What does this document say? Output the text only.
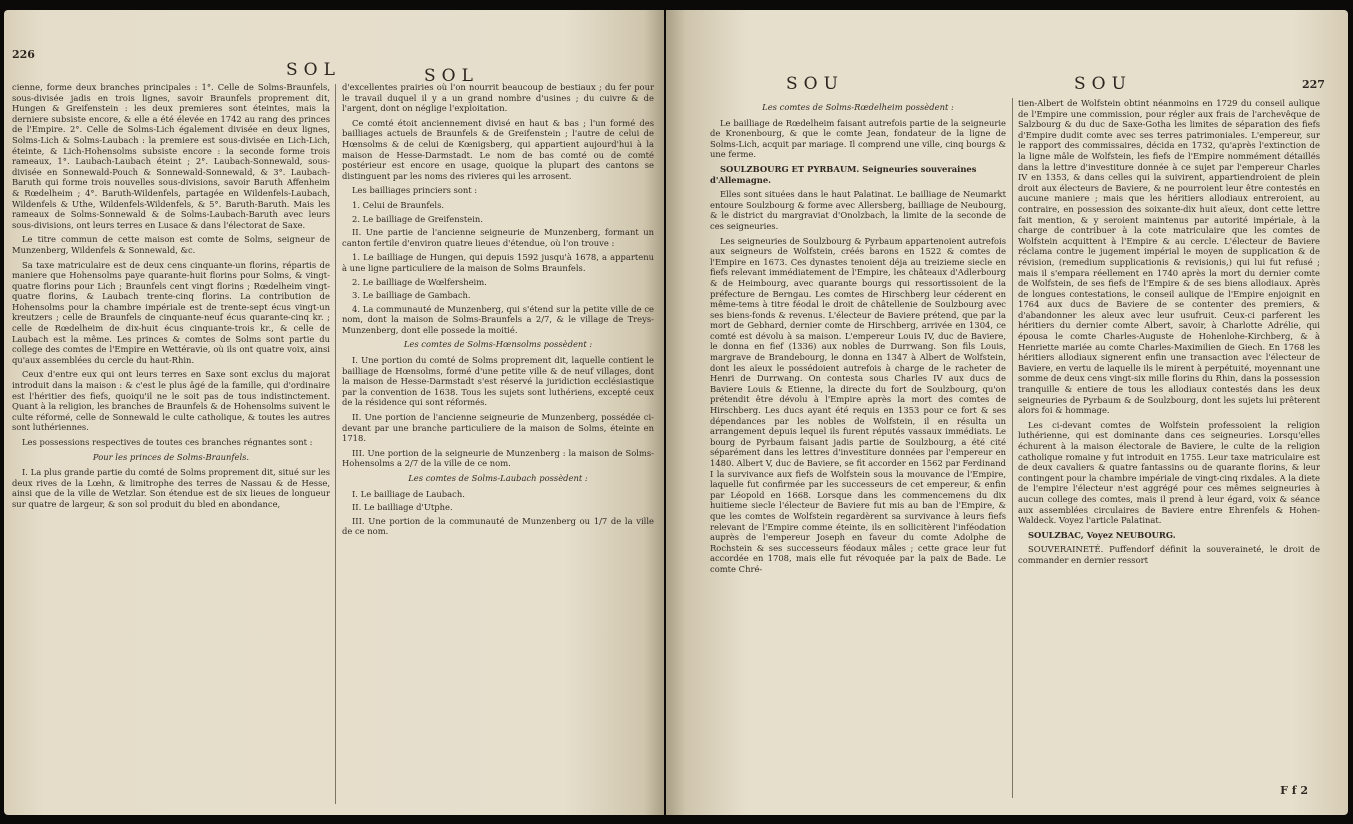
226
SOL	SOL

cienne, forme deux branches principales : 1°. Celle de Solms-Braunfels, sous-divisée jadis en trois lignes, savoir Braunfels proprement dit, Hungen & Greifenstein : les deux premieres sont éteintes, mais la derniere subsiste encore, & elle a été élevée en 1742 au rang des princes de l'Empire. 2°. Celle de Solms-Lich également divisée en deux lignes, Solms-Lich & Solms-Laubach : la premiere est sous-divisée en Lich-Lich, éteinte, & Lich-Hohensolms subsiste encore : la seconde forme trois rameaux, 1°. Laubach-Laubach éteint ; 2°. Laubach-Sonnewald, sous-divisée en Sonnewald-Pouch & Sonnewald-Sonnewald, & 3°. Laubach-Baruth qui forme trois nouvelles sous-divisions, savoir Baruth Affenheim & Rœdelheim ; 4°. Baruth-Wildenfels, partagée en Wildenfels-Laubach, Wildenfels & Uthe, Wildenfels-Wildenfels, & 5°. Baruth-Baruth. Mais les rameaux de Solms-Sonnewald & de Solms-Laubach-Baruth avec leurs sous-divisions, ont leurs terres en Lusace & dans l'électorat de Saxe.

Le titre commun de cette maison est comte de Solms, seigneur de Munzenberg, Wildenfels & Sonnewald, &c.

Sa taxe matriculaire est de deux cens cinquante-un florins, répartis de maniere que Hohensolms paye quarante-huit florins pour Solms, & vingt-quatre florins pour Lich ; Braunfels cent vingt florins ; Rœdelheim vingt-quatre florins, & Laubach trente-cinq florins. La contribution de Hohensolms pour la chambre impériale est de trente-sept écus vingt-un kreutzers ; celle de Braunfels de cinquante-neuf écus quarante-cinq kr. ; celle de Rœdelheim de dix-huit écus cinquante-trois kr., & celle de Laubach est la même. Les princes & comtes de Solms sont partie du college des comtes de l'Empire en Wettéravie, où ils ont quatre voix, ainsi qu'aux assemblées du cercle du haut-Rhin.

Ceux d'entre eux qui ont leurs terres en Saxe sont exclus du majorat introduit dans la maison : & c'est le plus âgé de la famille, qui d'ordinaire est l'héritier des fiefs, quoiqu'il ne le soit pas de tous indistinctement. Quant à la religion, les branches de Braunfels & de Hohensolms suivent le culte réformé, celle de Sonnewald le culte catholique, & toutes les autres sont luthériennes.

Les possessions respectives de toutes ces branches régnantes sont :

Pour les princes de Solms-Braunfels.

I. La plus grande partie du comté de Solms proprement dit, situé sur les deux rives de la Lœhn, & limitrophe des terres de Nassau & de Hesse, ainsi que de la ville de Wetzlar. Son étendue est de six lieues de longueur sur quatre de largeur, & son sol produit du bled en abondance,

d'excellentes prairies où l'on nourrit beaucoup de bestiaux ; du fer pour le travail duquel il y a un grand nombre d'usines ; du cuivre & de l'argent, dont on néglige l'exploitation.

Ce comté étoit anciennement divisé en haut & bas ; l'un formé des bailliages actuels de Braunfels & de Greifenstein ; l'autre de celui de Hœnsolms & de celui de Kœnigsberg, qui appartient aujourd'hui à la maison de Hesse-Darmstadt. Le nom de bas comté ou de comté postérieur est encore en usage, quoique la plupart des cantons se distinguent par les noms des rivieres qui les arrosent.

Les bailliages princiers sont :

1. Celui de Braunfels.

2. Le bailliage de Greifenstein.

II. Une partie de l'ancienne seigneurie de Munzenberg, formant un canton fertile d'environ quatre lieues d'étendue, où l'on trouve :

1. Le bailliage de Hungen, qui depuis 1592 jusqu'à 1678, a appartenu à une ligne particuliere de la maison de Solms Braunfels.

2. Le bailliage de Wœlfersheim.

3. Le bailliage de Gambach.

4. La communauté de Munzenberg, qui s'étend sur la petite ville de ce nom, dont la maison de Solms-Braunfels a 2/7, & le village de Treys-Munzenberg, dont elle possede la moitié.

Les comtes de Solms-Hœnsolms possèdent :

I. Une portion du comté de Solms proprement dit, laquelle contient le bailliage de Hœnsolms, formé d'une petite ville & de neuf villages, dont la maison de Hesse-Darmstadt s'est réservé la juridiction ecclésiastique par la convention de 1638. Tous les sujets sont luthériens, excepté ceux de la résidence qui sont réformés.

II. Une portion de l'ancienne seigneurie de Munzenberg, possédée ci-devant par une branche particuliere de la maison de Solms, éteinte en 1718.

III. Une portion de la seigneurie de Munzenberg : la maison de Solms-Hohensolms a 2/7 de la ville de ce nom.

Les comtes de Solms-Laubach possèdent :

I. Le bailliage de Laubach.

II. Le bailliage d'Utphe.

III. Une portion de la communauté de Munzenberg ou 1/7 de la ville de ce nom.

SOU	SOU	227

Les comtes de Solms-Rœdelheim possèdent :

Le bailliage de Rœdelheim faisant autrefois partie de la seigneurie de Kronenbourg, & que le comte Jean, fondateur de la ligne de Solms-Lich, acquit par mariage. Il comprend une ville, cinq bourgs & une ferme.

SOULZBOURG ET PYRBAUM. Seigneuries souveraines d'Allemagne.

Elles sont situées dans le haut Palatinat. Le bailliage de Neumarkt entoure Soulzbourg & forme avec Allersberg, bailliage de Neubourg, & le district du margraviat d'Onolzbach, la limite de la seconde de ces seigneuries.

Les seigneuries de Soulzbourg & Pyrbaum appartenoient autrefois aux seigneurs de Wolfstein, créés barons en 1522 & comtes de l'Empire en 1673. Ces dynastes tenoient déja au treizieme siecle en fiefs relevant immédiatement de l'Empire, les châteaux d'Adlerbourg & de Heimbourg, avec quarante bourgs qui ressortissoient de la préfecture de Berngau. Les comtes de Hirschberg leur céderent en même-tems à titre féodal le droit de châtellenie de Soulzbourg avec ses biens-fonds & revenus. L'électeur de Baviere prétend, que par la mort de Gebhard, dernier comte de Hirschberg, arrivée en 1304, ce comté est dévolu à sa maison. L'empereur Louis IV, duc de Baviere, le donna en fief (1336) aux nobles de Durrwang. Son fils Louis, margrave de Brandebourg, le donna en 1347 à Albert de Wolfstein, dont les aïeux le possédoient autrefois à charge de le racheter de Henri de Durrwang. On contesta sous Charles IV aux ducs de Baviere Louis & Etienne, la directe du fort de Soulzbourg, qu'on prétendit être dévolu à l'Empire après la mort des comtes de Hirschberg. Les ducs ayant été requis en 1353 pour ce fort & ses dépendances par les nobles de Wolfstein, il en résulta un arrangement depuis lequel ils furent réputés vassaux immédiats. Le bourg de Pyrbaum faisant jadis partie de Soulzbourg, a été cité séparément dans les lettres d'investiture données par l'empereur en 1480. Albert V, duc de Baviere, se fit accorder en 1562 par Ferdinand I la survivance aux fiefs de Wolfstein sous la mouvance de l'Empire, laquelle fut confirmée par les successeurs de cet empereur, & enfin par Léopold en 1668. Lorsque dans les commencemens du dix huitieme siecle l'électeur de Baviere fut mis au ban de l'Empire, & que les comtes de Wolfstein regardèrent sa survivance à leurs fiefs relevant de l'Empire comme éteinte, ils en sollicitèrent l'inféodation auprès de l'empereur Joseph en faveur du comte Adolphe de Rochstein & ses successeurs féodaux mâles ; cette grace leur fut accordée en 1708, mais elle fut révoquée par la paix de Bade. Le comte Chré-

tien-Albert de Wolfstein obtint néanmoins en 1729 du conseil aulique de l'Empire une commission, pour régler aux frais de l'archevêque de Salzbourg & du duc de Saxe-Gotha les limites de séparation des fiefs d'Empire dudit comte avec ses terres patrimoniales. L'empereur, sur le rapport des commissaires, décida en 1732, qu'après l'extinction de la ligne mâle de Wolfstein, les fiefs de l'Empire nommément détaillés dans la lettre d'investiture donnée à ce sujet par l'empereur Charles IV en 1353, & dans celles qui la suivirent, appartiendroient de plein droit aux électeurs de Baviere, & ne pourroient leur être contestés en aucune maniere ; mais que les héritiers allodiaux entreroient, au contraire, en possession des soixante-dix huit aïeux, dont cette lettre fait mention, & y seroient maintenus par autorité impériale, à la charge de contribuer à la cote matriculaire que les comtes de Wolfstein acquittent à l'Empire & au cercle. L'électeur de Baviere réclama contre le jugement impérial le moyen de supplication & de révision, (remedium supplicationis & revisionis,) qui lui fut refusé ; mais il s'empara réellement en 1740 après la mort du dernier comte de Wolfstein, de ses fiefs de l'Empire & de ses biens allodiaux. Après de longues contestations, le conseil aulique de l'Empire enjoignit en 1764 aux ducs de Baviere de se contenter des premiers, & d'abandonner les aleux avec leur usufruit. Ceux-ci parferent les héritiers du dernier comte Albert, savoir, à Charlotte Adrélie, qui épousa le comte Charles-Auguste de Hohenlohe-Kirchberg, & à Henriette mariée au comte Charles-Maximilien de Giech. En 1768 les héritiers allodiaux signerent enfin une transaction avec l'électeur de Baviere, en vertu de laquelle ils le mirent à perpétuité, moyennant une somme de deux cens vingt-six mille florins du Rhin, dans la possession tranquille & entiere de tous les allodiaux contestés dans les deux seigneuries de Pyrbaum & de Soulzbourg, dont les sujets lui prêterent alors foi & hommage.

Les ci-devant comtes de Wolfstein professoient la religion luthérienne, qui est dominante dans ces seigneuries. Lorsqu'elles échurent à la maison électorale de Baviere, le culte de la religion catholique romaine y fut introduit en 1755. Leur taxe matriculaire est de deux cavaliers & quatre fantassins ou de quarante florins, & leur contingent pour la chambre impériale de vingt-cinq rixdales. A la diete de l'empire l'électeur n'est aggrégé pour ces mêmes seigneuries à aucun college des comtes, mais il prend à leur égard, voix & séance aux assemblées circulaires de Baviere entre Ehrenfels & Hohen-Waldeck. Voyez l'article Palatinat.

SOULZBAC, Voyez NEUBOURG.

SOUVERAINETÉ. Puffendorf définit la souveraineté, le droit de commander en dernier ressort

F f 2
